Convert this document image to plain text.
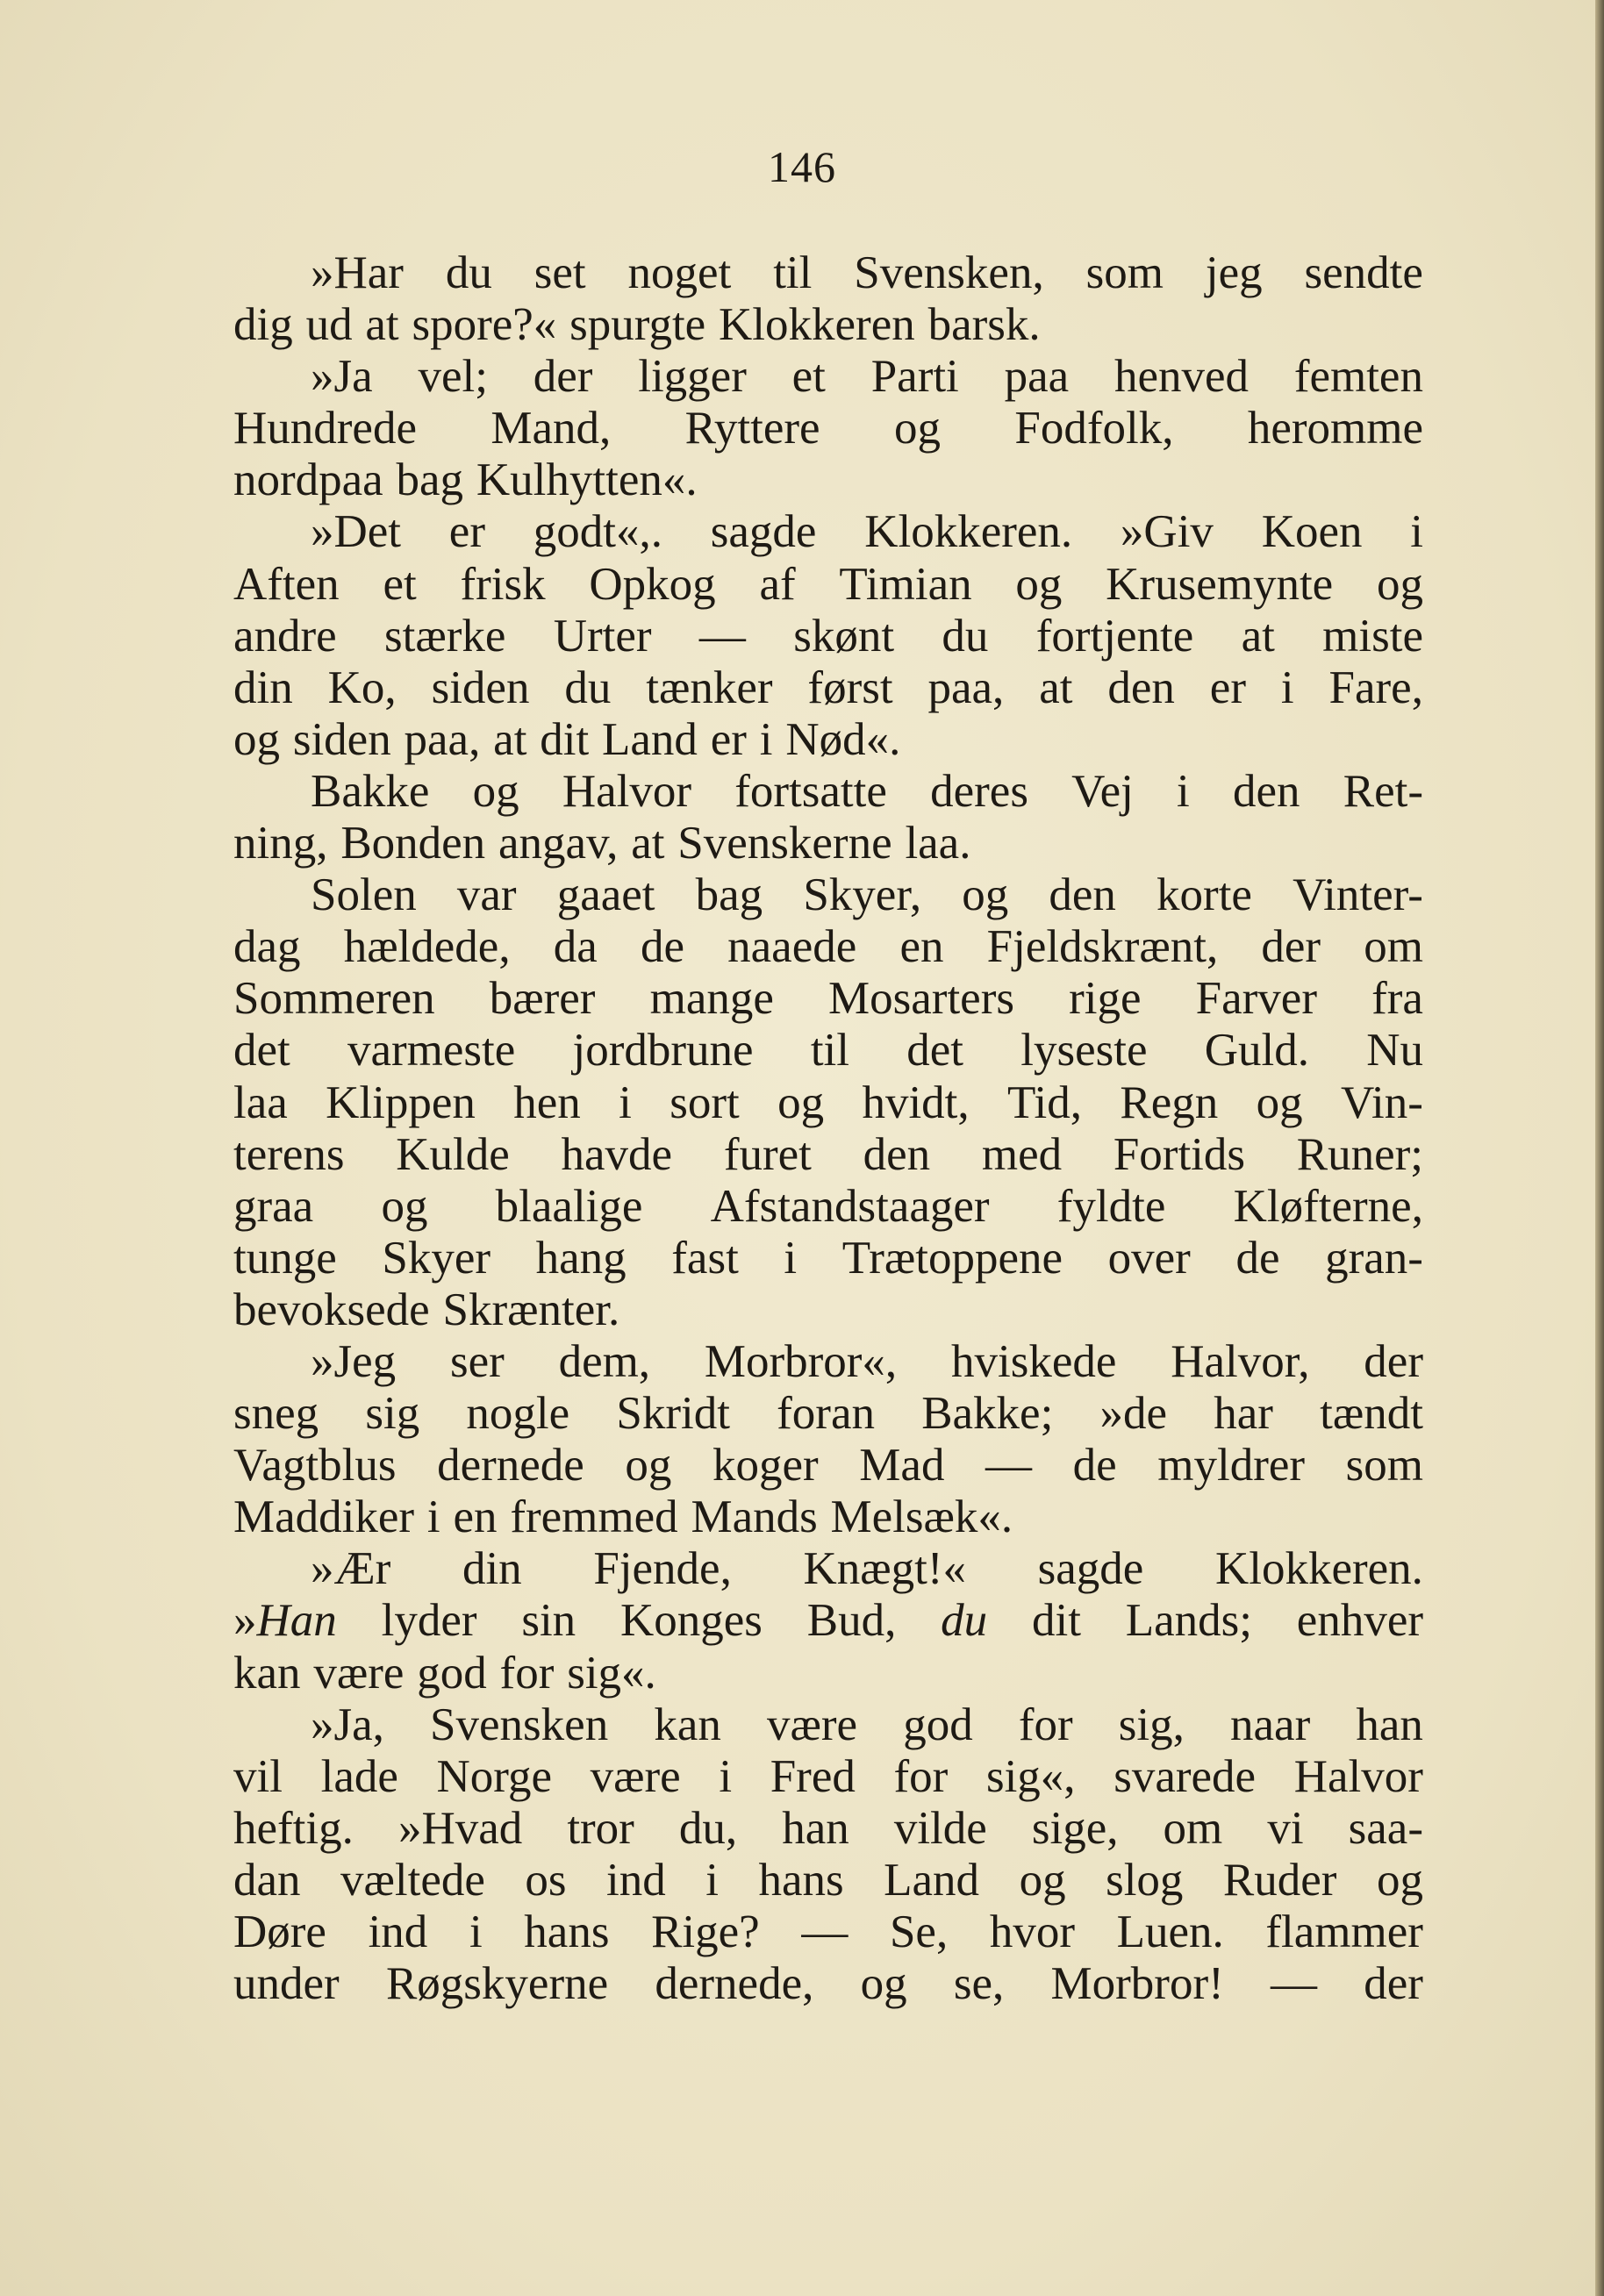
146
»Har du set noget til Svensken, som jeg sendte
dig ud at spore?« spurgte Klokkeren barsk.
»Ja vel; der ligger et Parti paa henved femten
Hundrede Mand, Ryttere og Fodfolk, heromme
nordpaa bag Kulhytten«.
»Det er godt«,. sagde Klokkeren. »Giv Koen i
Aften et frisk Opkog af Timian og Krusemynte og
andre stærke Urter — skønt du fortjente at miste
din Ko, siden du tænker først paa, at den er i Fare,
og siden paa, at dit Land er i Nød«.
Bakke og Halvor fortsatte deres Vej i den Ret-
ning, Bonden angav, at Svenskerne laa.
Solen var gaaet bag Skyer, og den korte Vinter-
dag hældede, da de naaede en Fjeldskrænt, der om
Sommeren bærer mange Mosarters rige Farver fra
det varmeste jordbrune til det lyseste Guld. Nu
laa Klippen hen i sort og hvidt, Tid, Regn og Vin-
terens Kulde havde furet den med Fortids Runer;
graa og blaalige Afstandstaager fyldte Kløfterne,
tunge Skyer hang fast i Trætoppene over de gran-
bevoksede Skrænter.
»Jeg ser dem, Morbror«, hviskede Halvor, der
sneg sig nogle Skridt foran Bakke; »de har tændt
Vagtblus dernede og koger Mad — de myldrer som
Maddiker i en fremmed Mands Melsæk«.
»Ær din Fjende, Knægt!« sagde Klokkeren.
»Han lyder sin Konges Bud, du dit Lands; enhver
kan være god for sig«.
»Ja, Svensken kan være god for sig, naar han
vil lade Norge være i Fred for sig«, svarede Halvor
heftig. »Hvad tror du, han vilde sige, om vi saa-
dan væltede os ind i hans Land og slog Ruder og
Døre ind i hans Rige? — Se, hvor Luen. flammer
under Røgskyerne dernede, og se, Morbror! — der
